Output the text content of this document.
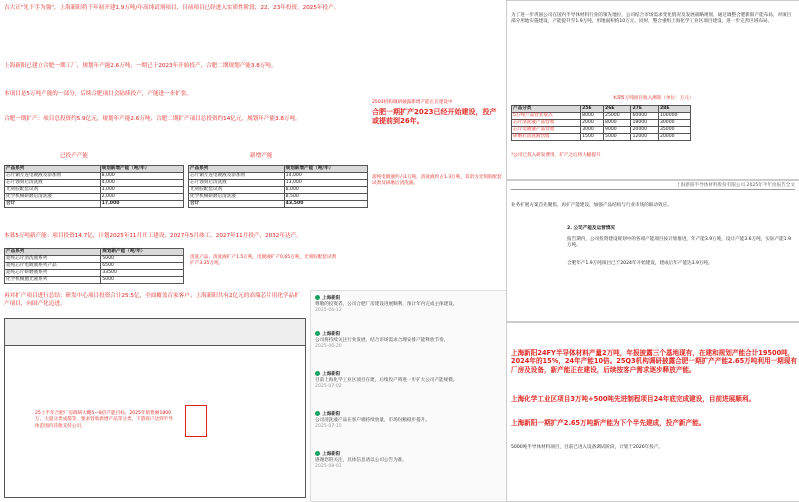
吉大正"先下手为强"，上海新阳将于年初开建1.9万吨/年高纯试剂项目，目前项目已经进入实质性阶段，22、23年投资，2025年投产。
上海新阳已建立合肥一期工厂，规划年产能2.6万吨，一期已于2023年开始投产，合肥二期规划产能3.8万吨。
本项目是5万吨产能的一部分，后续合肥项目会陆续投产，产能进一步扩张。
2503机构调研披露新增产能正在建设中
合肥一期扩产2023已经开始建设，投产或提前到26年。
合肥一期扩产：项目总投资约5.9亿元，规划年产能2.6万吨；合肥二期扩产项目总投资约14亿元，规划年产能3.8万吨。
已投产产能	新增产能
产品系列	规划新增产能（吨/年）
芯片铜互连电镀液及添加剂	8,000
芯片蚀刻后清洗液	4,000
光刻胶配套试剂	3,000
化学机械研磨后清洗液	2,000
合计	17,000
产品系列	规划新增产能（吨/年）
芯片铜互连电镀液及添加剂	14,000
芯片蚀刻后清洗液	13,000
光刻胶配套试剂	8,000
化学机械研磨后清洗液	8,500
合计	43,500
超纯电镀液约占1万吨，清洗液约占1.3万吨，其余为光刻胶配套试剂及研磨后清洗液。
本募5万吨新产能：项目投资14.7亿，计划2025年11月开工建设，2027年5月竣工，2027年11月投产，2032年达产。
产品系列	规划新产能（吨/年）
超纯芯片清洗液系列	5000
超纯芯片电镀液系列产品	6500
超纯芯片研磨液系列	33500
化学机械抛光液系列	5000
清洗产品、清洗液扩产1.5万吨，电镀液扩产0.65万吨，光刻胶配套试剂扩产3.35万吨。
再对扩产项目进行总结：研发中心项目投资合计25.5亿，全面覆盖百家客户；上海新阳共有2亿元的高端芯片用化学品扩产项目，向国产化迈进。
25上半年合肥厂房调研大概5—8倍产能目标，2025年销售额1800万，大量分类成都等，要求营收新增产品等分类，下游客户达到半导体范围内其他支持公司。
上海新阳
尊敬的投资者，公司合肥厂房建设进展顺利，预计年内完成主体建设。
2025-06-12
上海新阳
公司将持续关注行业发展，结合市场需求合理安排产能释放节奏。
2025-06-20
上海新阳
目前上海化学工业区项目在建，后续投产将进一步扩大公司产能规模。
2025-07-02
上海新阳
公司清洗液产品在客户端持续放量，市场份额稳步提升。
2025-07-15
上海新阳
感谢您的关注，具体信息请以公司公告为准。
2025-08-01
为了进一步巩固公司在国内半导体材料行业的领先地位，公司结合市场需求变化情况及发展战略规划，通过调整合肥新阳产能布局，对项目部分用地实施建设，产能提升至1.9万吨，用地面积约10万元，同时，整合重组上海化学工业区项目建设，进一步完善区域布局。
本期5万吨项目收入测算（单位：万元）
产品分类	25E	26E	27E	28E
5万吨产品营业收入	8000	25000	60000	100000
芯片清洗液产品营收	2000	8000	18000	30000
芯片电镀液产品营收	3000	9000	20000	35000
研磨后清洗液营收	1500	5000	12000	20000
*公司已投入研发费用，扩产之后将大幅提升
上海新阳半导体材料股份有限公司 2025年半年度报告全文
业务扩展方案首先聚焦，再扩产能建设，加强产品结构与行业市场的联动效应。
2. 公司产能及运营情况
报告期内，公司投资建设规划中的各项产能项目按计划推进，年产能3.9万吨，设计产能3.6万吨，实际产能1.9万吨。
合肥年产1.9万吨项目已于2024年开始建设，建成后年产能达3.9万吨。
上海新阳24FY半导体材料产量2万吨，年报披露三个基地现有，在建和规划产能合计19500吨，2024年的15%，24年产能10倍。25Q3机构调研披露合肥一期扩产产能2.65万吨利用一期现有厂房及设备，新产能正在建设，后续按客户需求逐步释放产能。
上海化学工业区项目3万吨+500吨先进制程项目24年底完成建设，目前进展顺利。
上海新阳一期扩产2.65万吨新产能为下个半先建成，投产新产能。
5000吨半导体材料项目，目前已进入设备调试阶段，计划于2026年投产。
